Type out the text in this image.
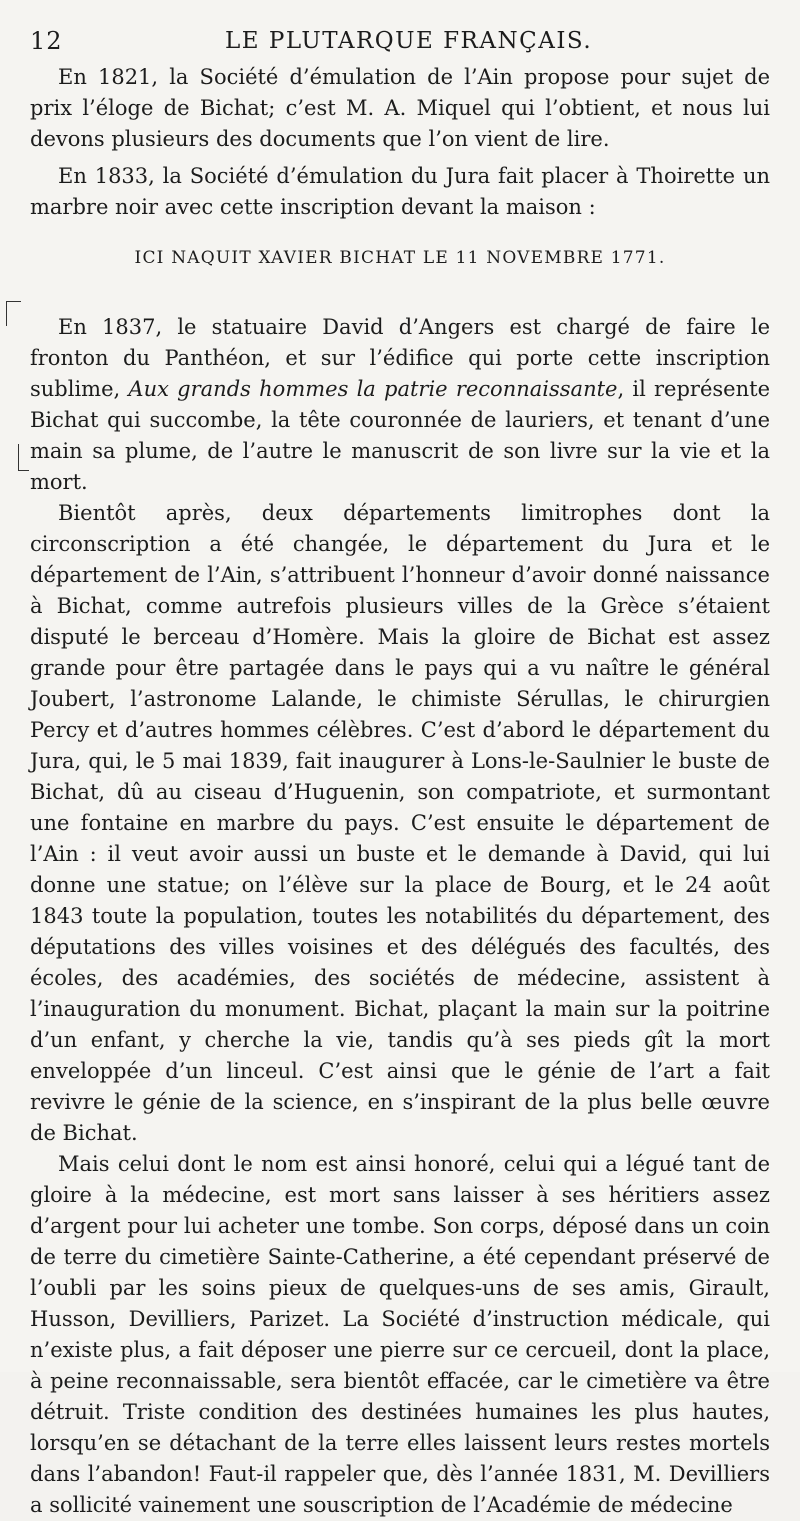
12	LE PLUTARQUE FRANÇAIS.

En 1821, la Société d’émulation de l’Ain propose pour sujet de prix l’éloge de Bichat; c’est M. A. Miquel qui l’obtient, et nous lui devons plusieurs des documents que l’on vient de lire.

En 1833, la Société d’émulation du Jura fait placer à Thoirette un marbre noir avec cette inscription devant la maison :

ICI NAQUIT XAVIER BICHAT LE 11 NOVEMBRE 1771.

En 1837, le statuaire David d’Angers est chargé de faire le fronton du Panthéon, et sur l’édifice qui porte cette inscription sublime, Aux grands hommes la patrie reconnaissante, il représente Bichat qui succombe, la tête couronnée de lauriers, et tenant d’une main sa plume, de l’autre le manuscrit de son livre sur la vie et la mort.

Bientôt après, deux départements limitrophes dont la circonscription a été changée, le département du Jura et le département de l’Ain, s’attribuent l’honneur d’avoir donné naissance à Bichat, comme autrefois plusieurs villes de la Grèce s’étaient disputé le berceau d’Homère. Mais la gloire de Bichat est assez grande pour être partagée dans le pays qui a vu naître le général Joubert, l’astronome Lalande, le chimiste Sérullas, le chirurgien Percy et d’autres hommes célèbres. C’est d’abord le département du Jura, qui, le 5 mai 1839, fait inaugurer à Lons-le-Saulnier le buste de Bichat, dû au ciseau d’Huguenin, son compatriote, et surmontant une fontaine en marbre du pays. C’est ensuite le département de l’Ain : il veut avoir aussi un buste et le demande à David, qui lui donne une statue; on l’élève sur la place de Bourg, et le 24 août 1843 toute la population, toutes les notabilités du département, des députations des villes voisines et des délégués des facultés, des écoles, des académies, des sociétés de médecine, assistent à l’inauguration du monument. Bichat, plaçant la main sur la poitrine d’un enfant, y cherche la vie, tandis qu’à ses pieds gît la mort enveloppée d’un linceul. C’est ainsi que le génie de l’art a fait revivre le génie de la science, en s’inspirant de la plus belle œuvre de Bichat.

Mais celui dont le nom est ainsi honoré, celui qui a légué tant de gloire à la médecine, est mort sans laisser à ses héritiers assez d’argent pour lui acheter une tombe. Son corps, déposé dans un coin de terre du cimetière Sainte-Catherine, a été cependant préservé de l’oubli par les soins pieux de quelques-uns de ses amis, Girault, Husson, Devilliers, Parizet. La Société d’instruction médicale, qui n’existe plus, a fait déposer une pierre sur ce cercueil, dont la place, à peine reconnaissable, sera bientôt effacée, car le cimetière va être détruit. Triste condition des destinées humaines les plus hautes, lorsqu’en se détachant de la terre elles laissent leurs restes mortels dans l’abandon! Faut-il rappeler que, dès l’année 1831, M. Devilliers a sollicité vainement une souscription de l’Académie de médecine
